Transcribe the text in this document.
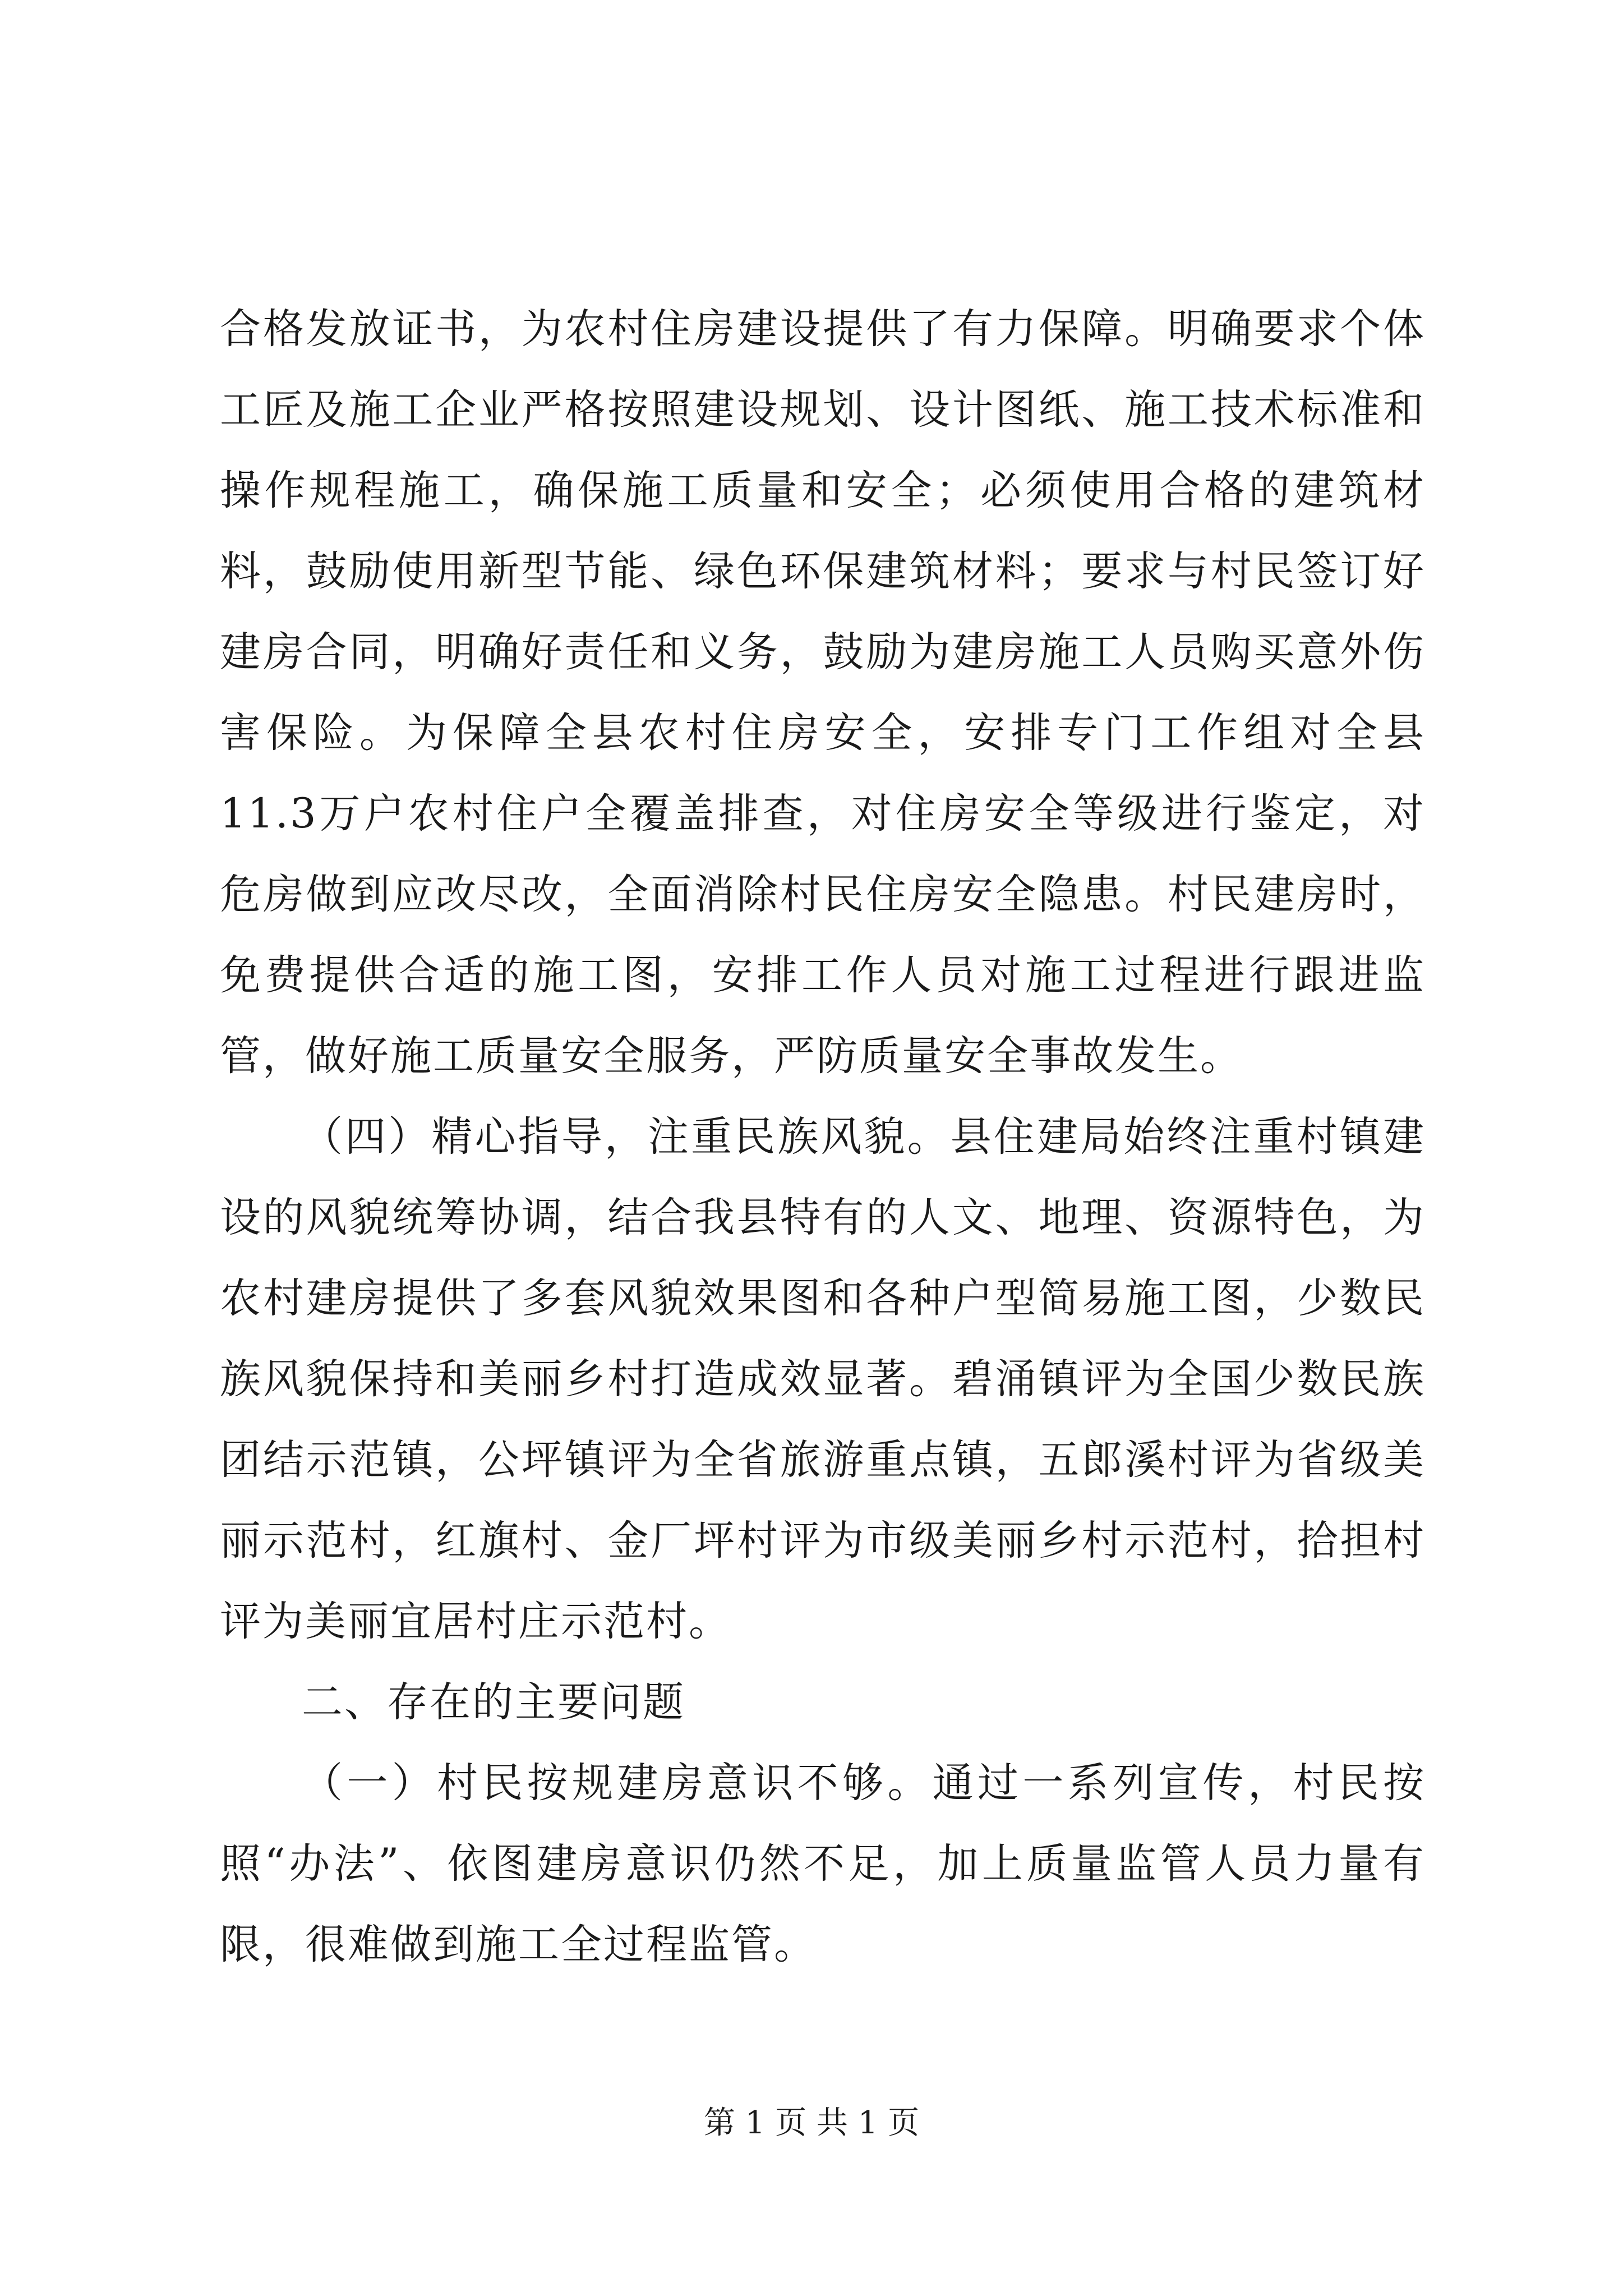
合格发放证书，为农村住房建设提供了有力保障。明确要求个体工匠及施工企业严格按照建设规划、设计图纸、施工技术标准和操作规程施工，确保施工质量和安全；必须使用合格的建筑材料，鼓励使用新型节能、绿色环保建筑材料；要求与村民签订好建房合同，明确好责任和义务，鼓励为建房施工人员购买意外伤害保险。为保障全县农村住房安全，安排专门工作组对全县11.3万户农村住户全覆盖排查，对住房安全等级进行鉴定，对危房做到应改尽改，全面消除村民住房安全隐患。村民建房时，免费提供合适的施工图，安排工作人员对施工过程进行跟进监管，做好施工质量安全服务，严防质量安全事故发生。

（四）精心指导，注重民族风貌。县住建局始终注重村镇建设的风貌统筹协调，结合我县特有的人文、地理、资源特色，为农村建房提供了多套风貌效果图和各种户型简易施工图，少数民族风貌保持和美丽乡村打造成效显著。碧涌镇评为全国少数民族团结示范镇，公坪镇评为全省旅游重点镇，五郎溪村评为省级美丽示范村，红旗村、金厂坪村评为市级美丽乡村示范村，拾担村评为美丽宜居村庄示范村。

二、存在的主要问题

（一）村民按规建房意识不够。通过一系列宣传，村民按照“办法”、依图建房意识仍然不足，加上质量监管人员力量有限，很难做到施工全过程监管。

第 1 页 共 1 页
